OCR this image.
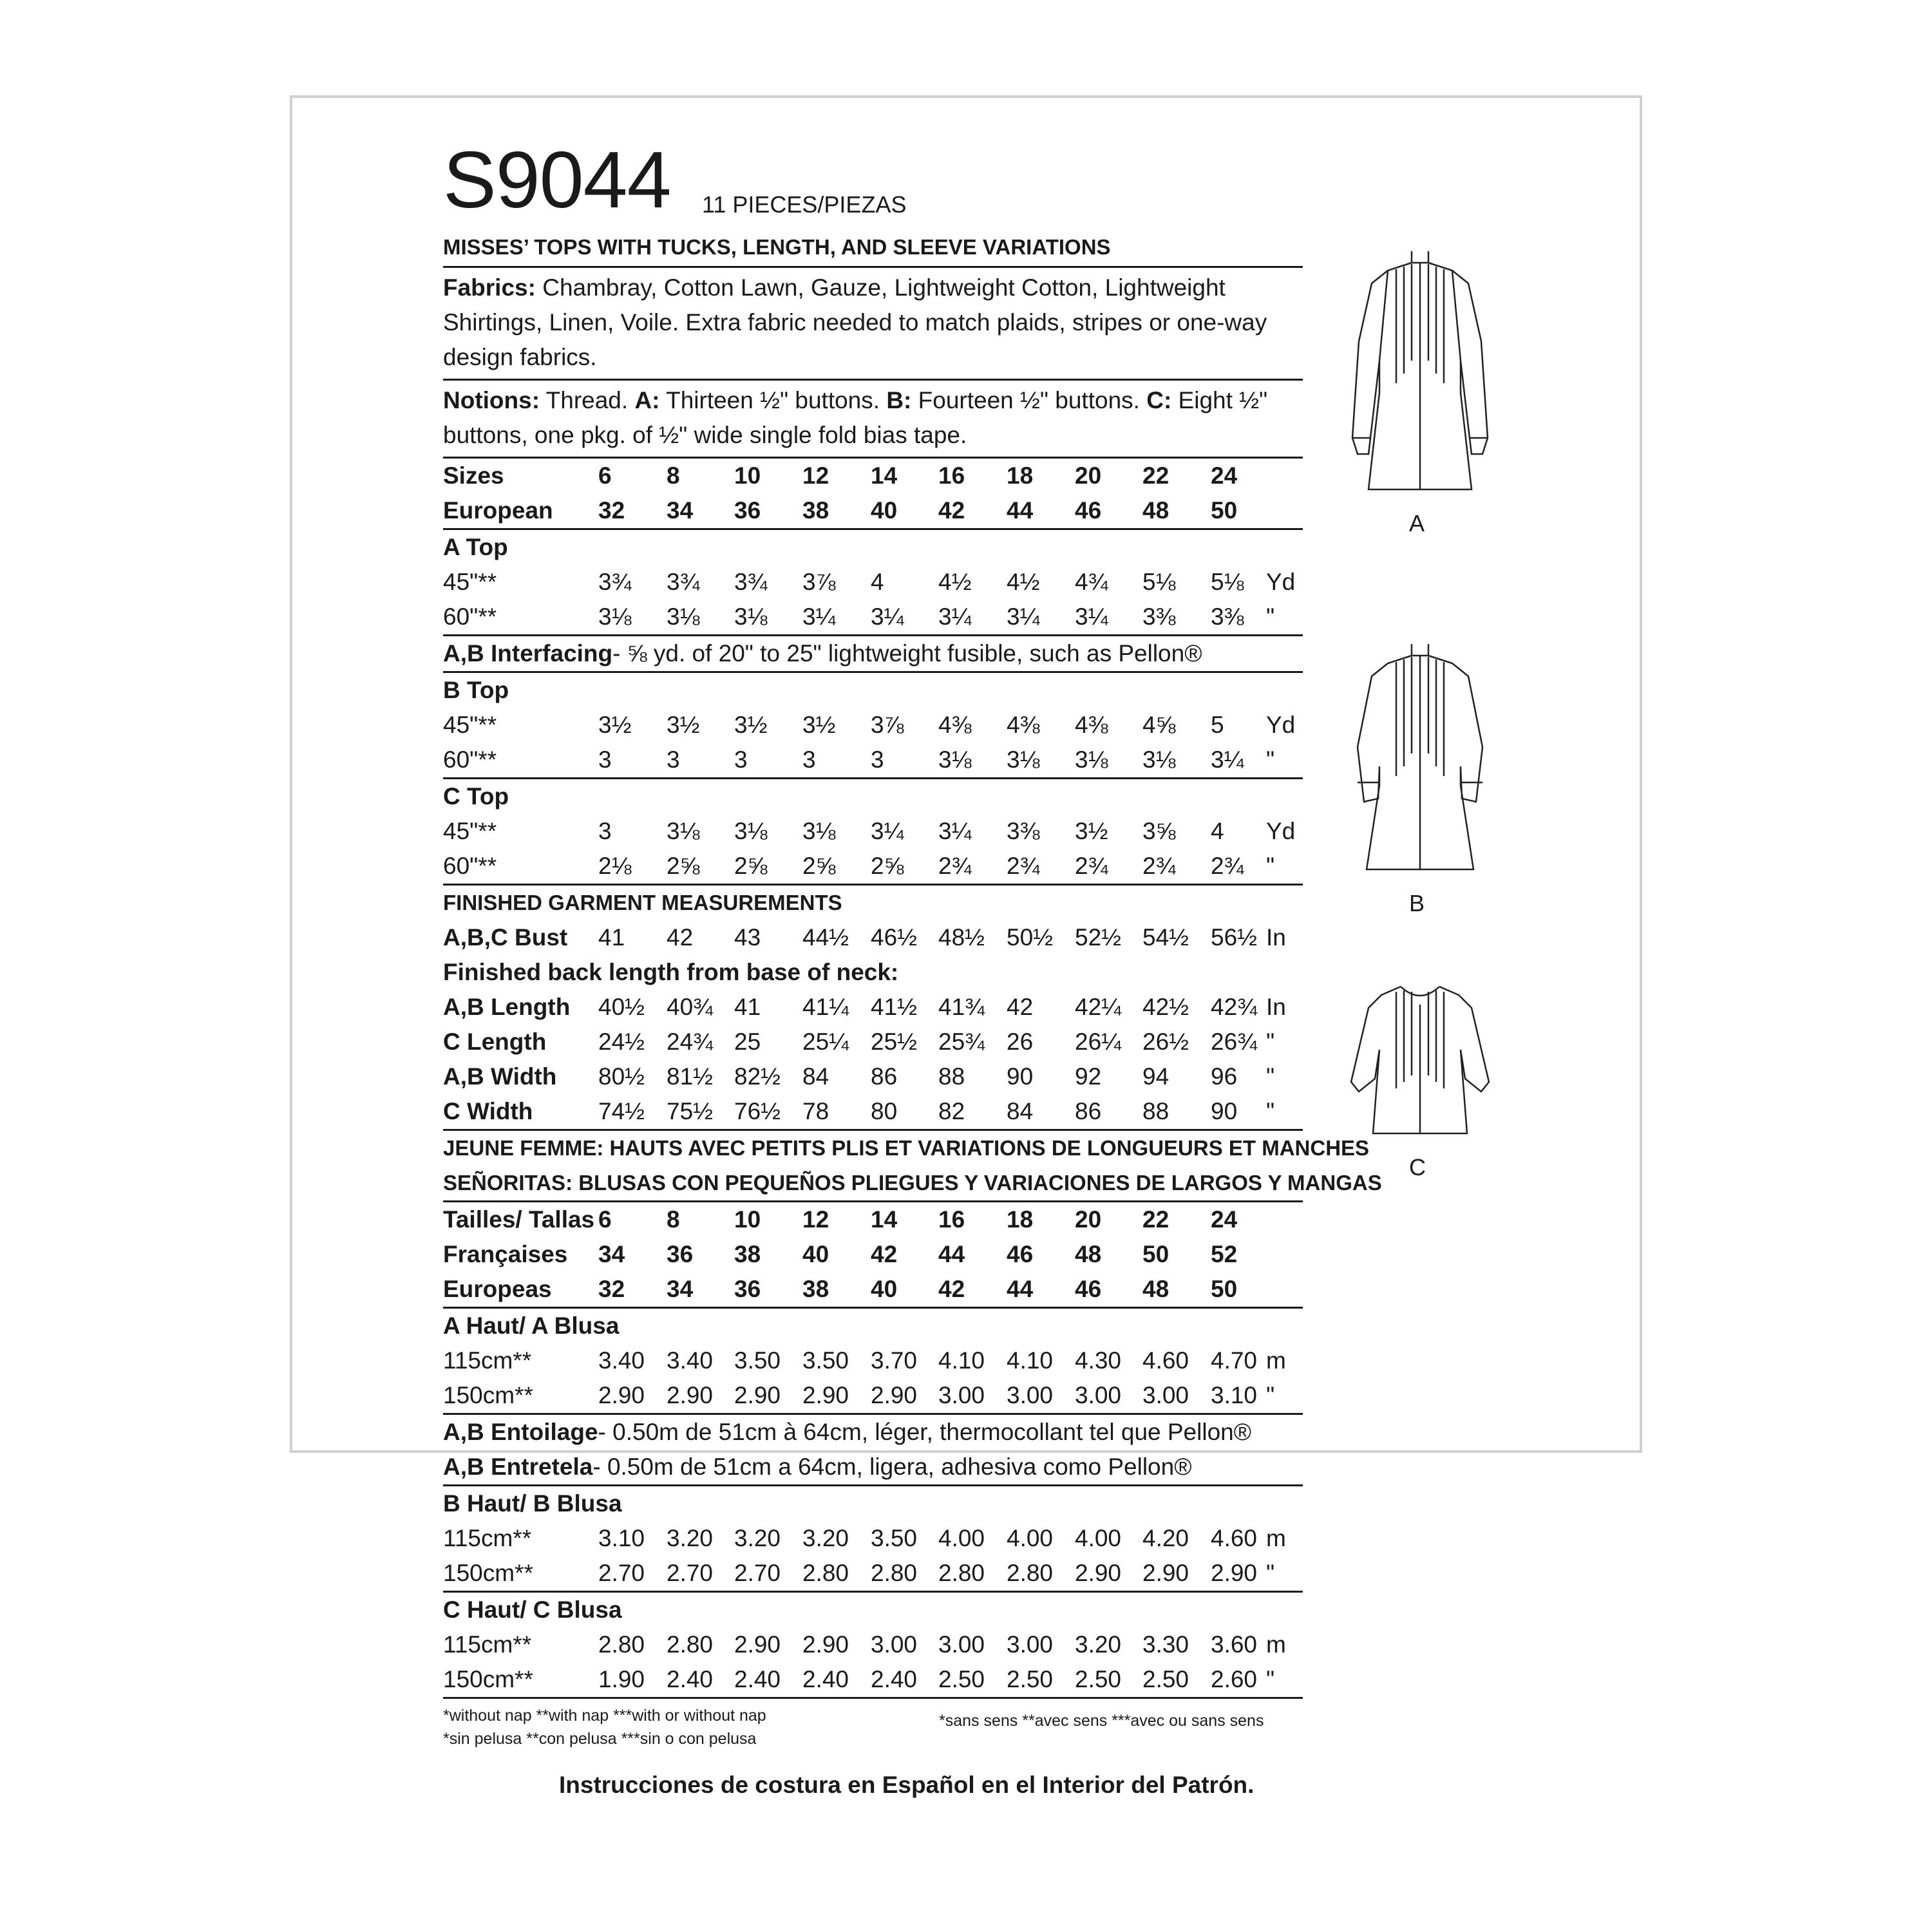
S9044 11 PIECES/PIEZAS
MISSES’ TOPS WITH TUCKS, LENGTH, AND SLEEVE VARIATIONS
Fabrics: Chambray, Cotton Lawn, Gauze, Lightweight Cotton, Lightweight Shirtings, Linen, Voile. Extra fabric needed to match plaids, stripes or one-way design fabrics.
Notions: Thread. A: Thirteen ½" buttons. B: Fourteen ½" buttons. C: Eight ½" buttons, one pkg. of ½" wide single fold bias tape.
Sizes	6 8 10 12 14 16 18 20 22 24
European 32 34 36 38 40 42 44 46 48 50
A Top
45"**	3¾ 3¾ 3¾ 3⅞ 4 4½ 4½ 4¾ 5⅛ 5⅛ Yd
60"**	3⅛ 3⅛ 3⅛ 3¼ 3¼ 3¼ 3¼ 3¼ 3⅜ 3⅜ "
A,B Interfacing- ⅝ yd. of 20" to 25" lightweight fusible, such as Pellon®
B Top
45"**	3½ 3½ 3½ 3½ 3⅞ 4⅜ 4⅜ 4⅜ 4⅝ 5 Yd
60"**	3 3 3 3 3 3⅛ 3⅛ 3⅛ 3⅛ 3¼ "
C Top
45"**	3 3⅛ 3⅛ 3⅛ 3¼ 3¼ 3⅜ 3½ 3⅝ 4 Yd
60"**	2⅛ 2⅝ 2⅝ 2⅝ 2⅝ 2¾ 2¾ 2¾ 2¾ 2¾ "
FINISHED GARMENT MEASUREMENTS
A,B,C Bust 41 42 43 44½ 46½ 48½ 50½ 52½ 54½ 56½ In
Finished back length from base of neck:
A,B Length 40½ 40¾ 41 41¼ 41½ 41¾ 42 42¼ 42½ 42¾ In
C Length 24½ 24¾ 25 25¼ 25½ 25¾ 26 26¼ 26½ 26¾ "
A,B Width 80½ 81½ 82½ 84 86 88 90 92 94 96 "
C Width	74½ 75½ 76½ 78 80 82 84 86 88 90 "
JEUNE FEMME: HAUTS AVEC PETITS PLIS ET VARIATIONS DE LONGUEURS ET MANCHES
SEÑORITAS: BLUSAS CON PEQUEÑOS PLIEGUES Y VARIACIONES DE LARGOS Y MANGAS
Tailles/ Tallas 6 8 10 12 14 16 18 20 22 24
Françaises 34 36 38 40 42 44 46 48 50 52
Europeas 32 34 36 38 40 42 44 46 48 50
A Haut/ A Blusa
115cm**	3.40 3.40 3.50 3.50 3.70 4.10 4.10 4.30 4.60 4.70 m
150cm**	2.90 2.90 2.90 2.90 2.90 3.00 3.00 3.00 3.00 3.10 "
A,B Entoilage- 0.50m de 51cm à 64cm, léger, thermocollant tel que Pellon®
A,B Entretela- 0.50m de 51cm a 64cm, ligera, adhesiva como Pellon®
B Haut/ B Blusa
115cm**	3.10 3.20 3.20 3.20 3.50 4.00 4.00 4.00 4.20 4.60 m
150cm**	2.70 2.70 2.70 2.80 2.80 2.80 2.80 2.90 2.90 2.90 "
C Haut/ C Blusa
115cm**	2.80 2.80 2.90 2.90 3.00 3.00 3.00 3.20 3.30 3.60 m
150cm**	1.90 2.40 2.40 2.40 2.40 2.50 2.50 2.50 2.50 2.60 "
*without nap **with nap ***with or without nap
*sin pelusa **con pelusa ***sin o con pelusa
*sans sens **avec sens ***avec ou sans sens
Instrucciones de costura en Español en el Interior del Patrón.
A
B
C
